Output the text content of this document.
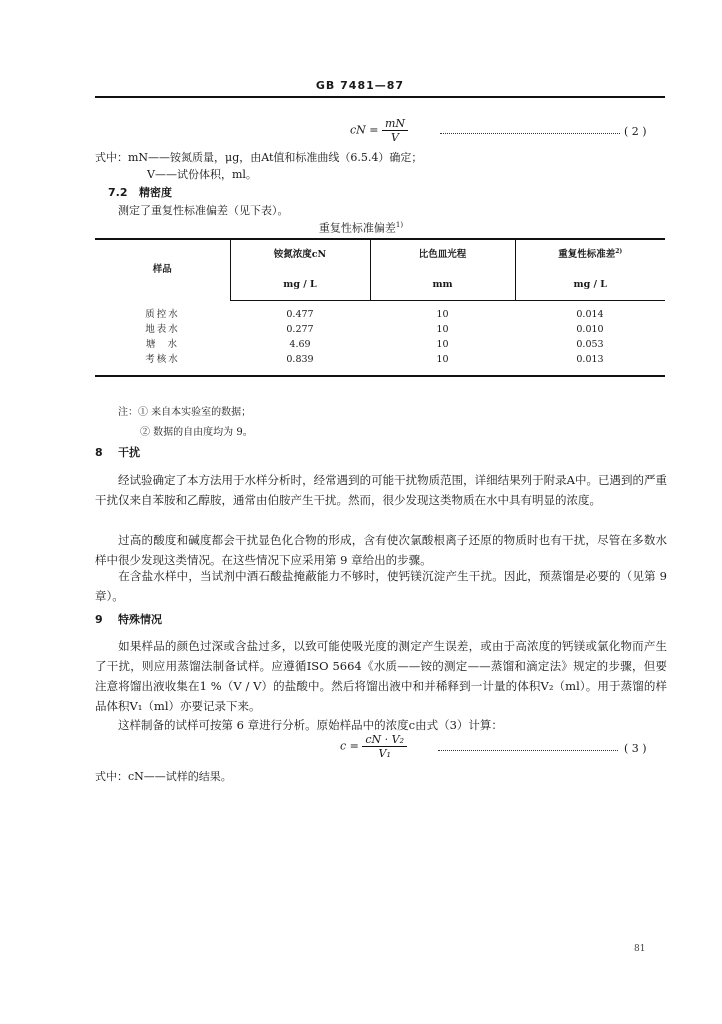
GB 7481—87
cN = $\frac{mN}{V}$	( 2 )
式中：mN——铵氮质量，μg，由At值和标准曲线（6.5.4）确定；
V——试份体积，ml。
7.2 精密度
测定了重复性标准偏差（见下表）。
重复性标准偏差$^{1)}$
样品	铵氮浓度cN	比色皿光程	重复性标准差$^{2)}$
	mg / L	mm	mg / L
质控水	0.477	10	0.014
地表水	0.277	10	0.010
塘  水	4.69	10	0.053
考核水	0.839	10	0.013
注：① 来自本实验室的数据；
② 数据的自由度均为 9。
8 干扰
经试验确定了本方法用于水样分析时，经常遇到的可能干扰物质范围，详细结果列于附录A中。已遇到的严重干扰仅来自苯胺和乙醇胺，通常由伯胺产生干扰。然而，很少发现这类物质在水中具有明显的浓度。
过高的酸度和碱度都会干扰显色化合物的形成，含有使次氯酸根离子还原的物质时也有干扰，尽管在多数水样中很少发现这类情况。在这些情况下应采用第 9 章给出的步骤。
在含盐水样中，当试剂中酒石酸盐掩蔽能力不够时，使钙镁沉淀产生干扰。因此，预蒸馏是必要的（见第 9 章）。
9 特殊情况
如果样品的颜色过深或含盐过多，以致可能使吸光度的测定产生误差，或由于高浓度的钙镁或氯化物而产生了干扰，则应用蒸馏法制备试样。应遵循ISO 5664《水质——铵的测定——蒸馏和滴定法》规定的步骤，但要注意将馏出液收集在1 %（V / V）的盐酸中。然后将馏出液中和并稀释到一计量的体积V₂（ml）。用于蒸馏的样品体积V₁（ml）亦要记录下来。
这样制备的试样可按第 6 章进行分析。原始样品中的浓度c由式（3）计算：
$c = \frac{\text{cN · V₂}}{\text{V₁}}$	( 3 )
式中：cN——试样的结果。
81
